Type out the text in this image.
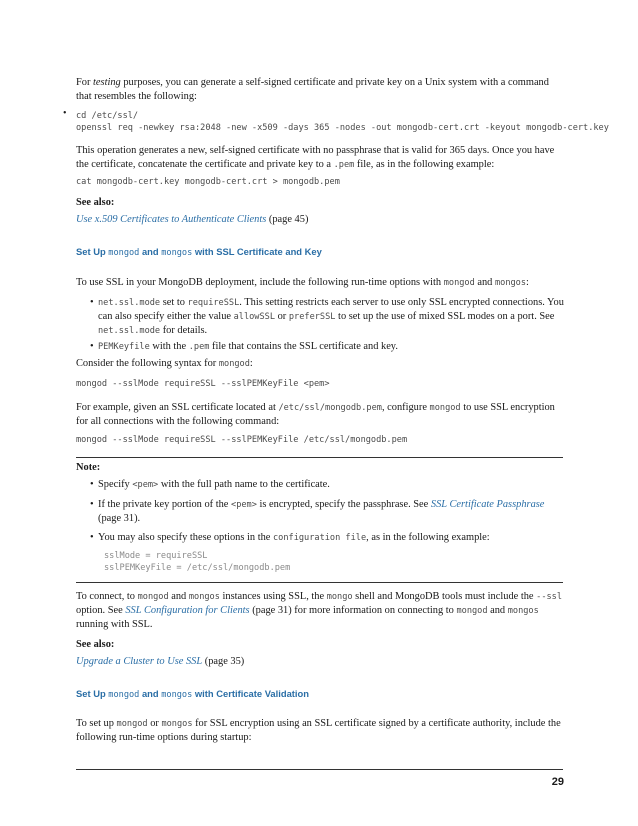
For testing purposes, you can generate a self-signed certificate and private key on a Unix system with a command that resembles the following:
• cd /etc/ssl/
openssl req -newkey rsa:2048 -new -x509 -days 365 -nodes -out mongodb-cert.crt -keyout mongodb-cert.key
This operation generates a new, self-signed certificate with no passphrase that is valid for 365 days. Once you have the certificate, concatenate the certificate and private key to a .pem file, as in the following example:
cat mongodb-cert.key mongodb-cert.crt > mongodb.pem
See also:
Use x.509 Certificates to Authenticate Clients (page 45)
Set Up mongod and mongos with SSL Certificate and Key
To use SSL in your MongoDB deployment, include the following run-time options with mongod and mongos:
• net.ssl.mode set to requireSSL. This setting restricts each server to use only SSL encrypted connections. You can also specify either the value allowSSL or preferSSL to set up the use of mixed SSL modes on a port. See net.ssl.mode for details.
• PEMKeyfile with the .pem file that contains the SSL certificate and key.
Consider the following syntax for mongod:
mongod --sslMode requireSSL --sslPEMKeyFile <pem>
For example, given an SSL certificate located at /etc/ssl/mongodb.pem, configure mongod to use SSL encryption for all connections with the following command:
mongod --sslMode requireSSL --sslPEMKeyFile /etc/ssl/mongodb.pem
Note:
• Specify <pem> with the full path name to the certificate.
• If the private key portion of the <pem> is encrypted, specify the passphrase. See SSL Certificate Passphrase (page 31).
• You may also specify these options in the configuration file, as in the following example:
sslMode = requireSSL
sslPEMKeyFile = /etc/ssl/mongodb.pem
To connect, to mongod and mongos instances using SSL, the mongo shell and MongoDB tools must include the --ssl option. See SSL Configuration for Clients (page 31) for more information on connecting to mongod and mongos running with SSL.
See also:
Upgrade a Cluster to Use SSL (page 35)
Set Up mongod and mongos with Certificate Validation
To set up mongod or mongos for SSL encryption using an SSL certificate signed by a certificate authority, include the following run-time options during startup:
29
